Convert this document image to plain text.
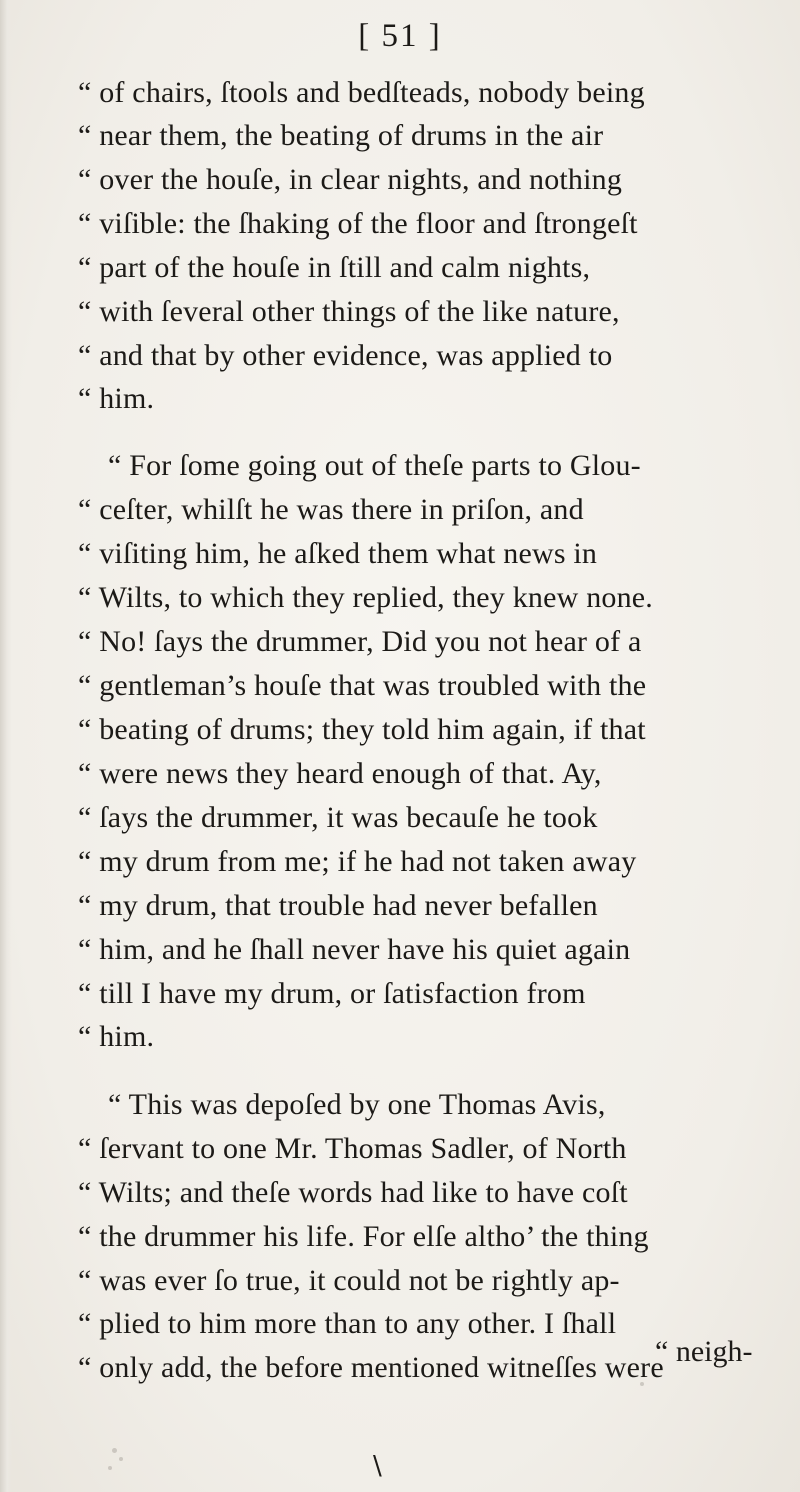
[ 51 ]
“ of chairs, ſtools and bedſteads, nobody being
“ near them, the beating of drums in the air
“ over the houſe, in clear nights, and nothing
“ viſible: the ſhaking of the floor and ſtrongeſt
“ part of the houſe in ſtill and calm nights,
“ with ſeveral other things of the like nature,
“ and that by other evidence, was applied to
“ him.
“ For ſome going out of theſe parts to Glou-
“ ceſter, whilſt he was there in priſon, and
“ viſiting him, he aſked them what news in
“ Wilts, to which they replied, they knew none.
“ No! ſays the drummer, Did you not hear of a
“ gentleman’s houſe that was troubled with the
“ beating of drums; they told him again, if that
“ were news they heard enough of that. Ay,
“ ſays the drummer, it was becauſe he took
“ my drum from me; if he had not taken away
“ my drum, that trouble had never befallen
“ him, and he ſhall never have his quiet again
“ till I have my drum, or ſatisfaction from
“ him.
“ This was depoſed by one Thomas Avis,
“ ſervant to one Mr. Thomas Sadler, of North
“ Wilts; and theſe words had like to have coſt
“ the drummer his life. For elſe altho’ the thing
“ was ever ſo true, it could not be rightly ap-
“ plied to him more than to any other. I ſhall
“ only add, the before mentioned witneſſes were
“ neigh-
∖
